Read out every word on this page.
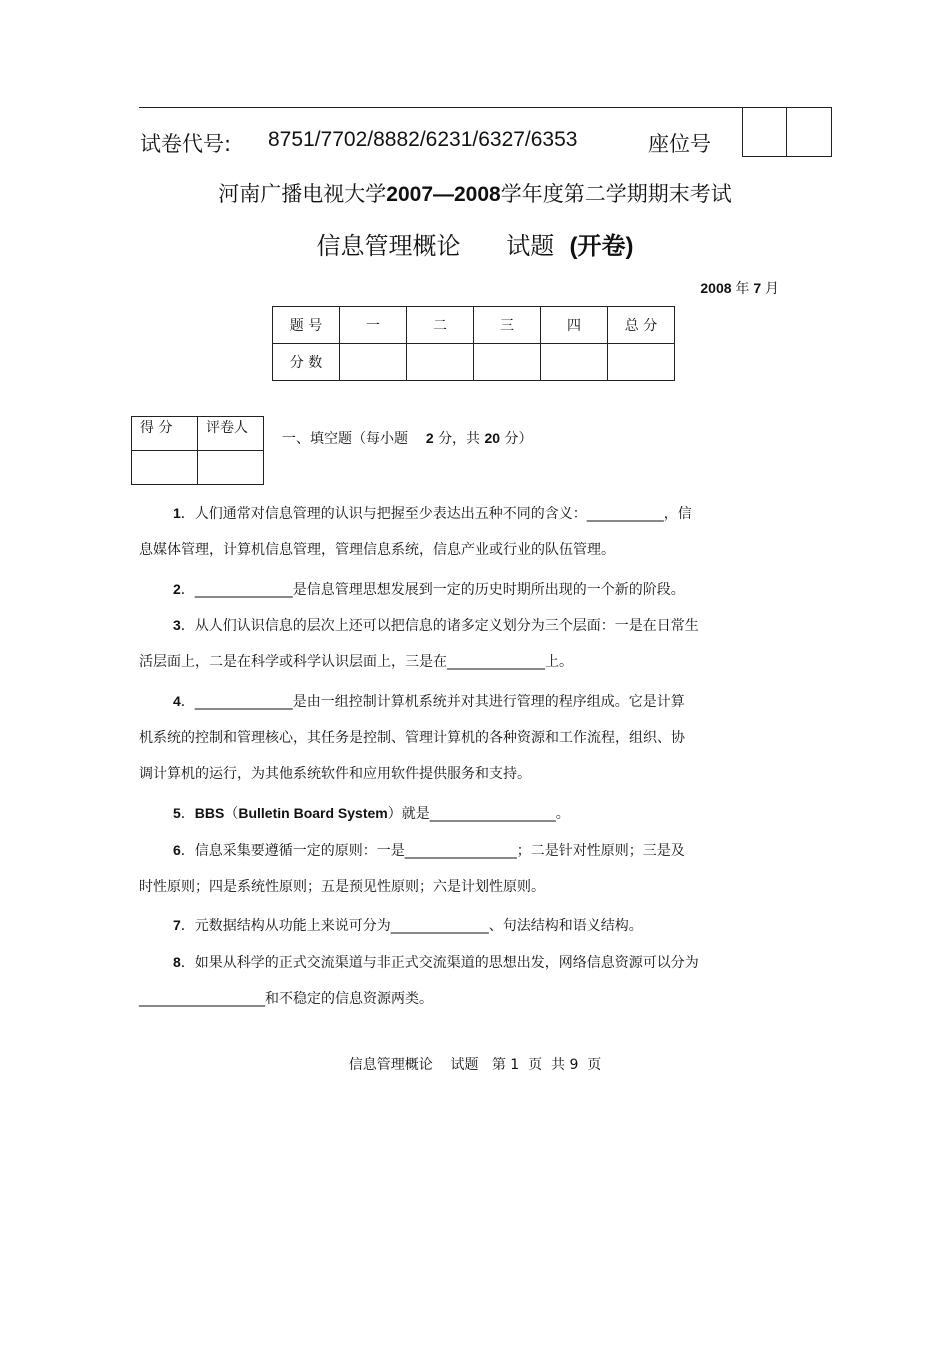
试卷代号: 8751/7702/8882/6231/6327/6353	座位号
河南广播电视大学2007—2008学年度第二学期期末考试
信息管理概论 试题 (开卷)
2008 年 7 月
题 号	一	二	三	四	总 分
分 数					
得 分	评卷人

一、填空题（每小题 2 分，共 20 分）
1．人们通常对信息管理的认识与把握至少表达出五种不同的含义：___________，信
息媒体管理，计算机信息管理，管理信息系统，信息产业或行业的队伍管理。
2．______________是信息管理思想发展到一定的历史时期所出现的一个新的阶段。
3．从人们认识信息的层次上还可以把信息的诸多定义划分为三个层面：一是在日常生
活层面上，二是在科学或科学认识层面上，三是在______________上。
4．______________是由一组控制计算机系统并对其进行管理的程序组成。它是计算
机系统的控制和管理核心，其任务是控制、管理计算机的各种资源和工作流程，组织、协
调计算机的运行，为其他系统软件和应用软件提供服务和支持。
5．BBS（Bulletin Board System）就是__________________。
6．信息采集要遵循一定的原则：一是________________；二是针对性原则；三是及
时性原则；四是系统性原则；五是预见性原则；六是计划性原则。
7．元数据结构从功能上来说可分为______________、句法结构和语义结构。
8．如果从科学的正式交流渠道与非正式交流渠道的思想出发，网络信息资源可以分为
__________________和不稳定的信息资源两类。
信息管理概论    试题   第 1  页  共 9  页
